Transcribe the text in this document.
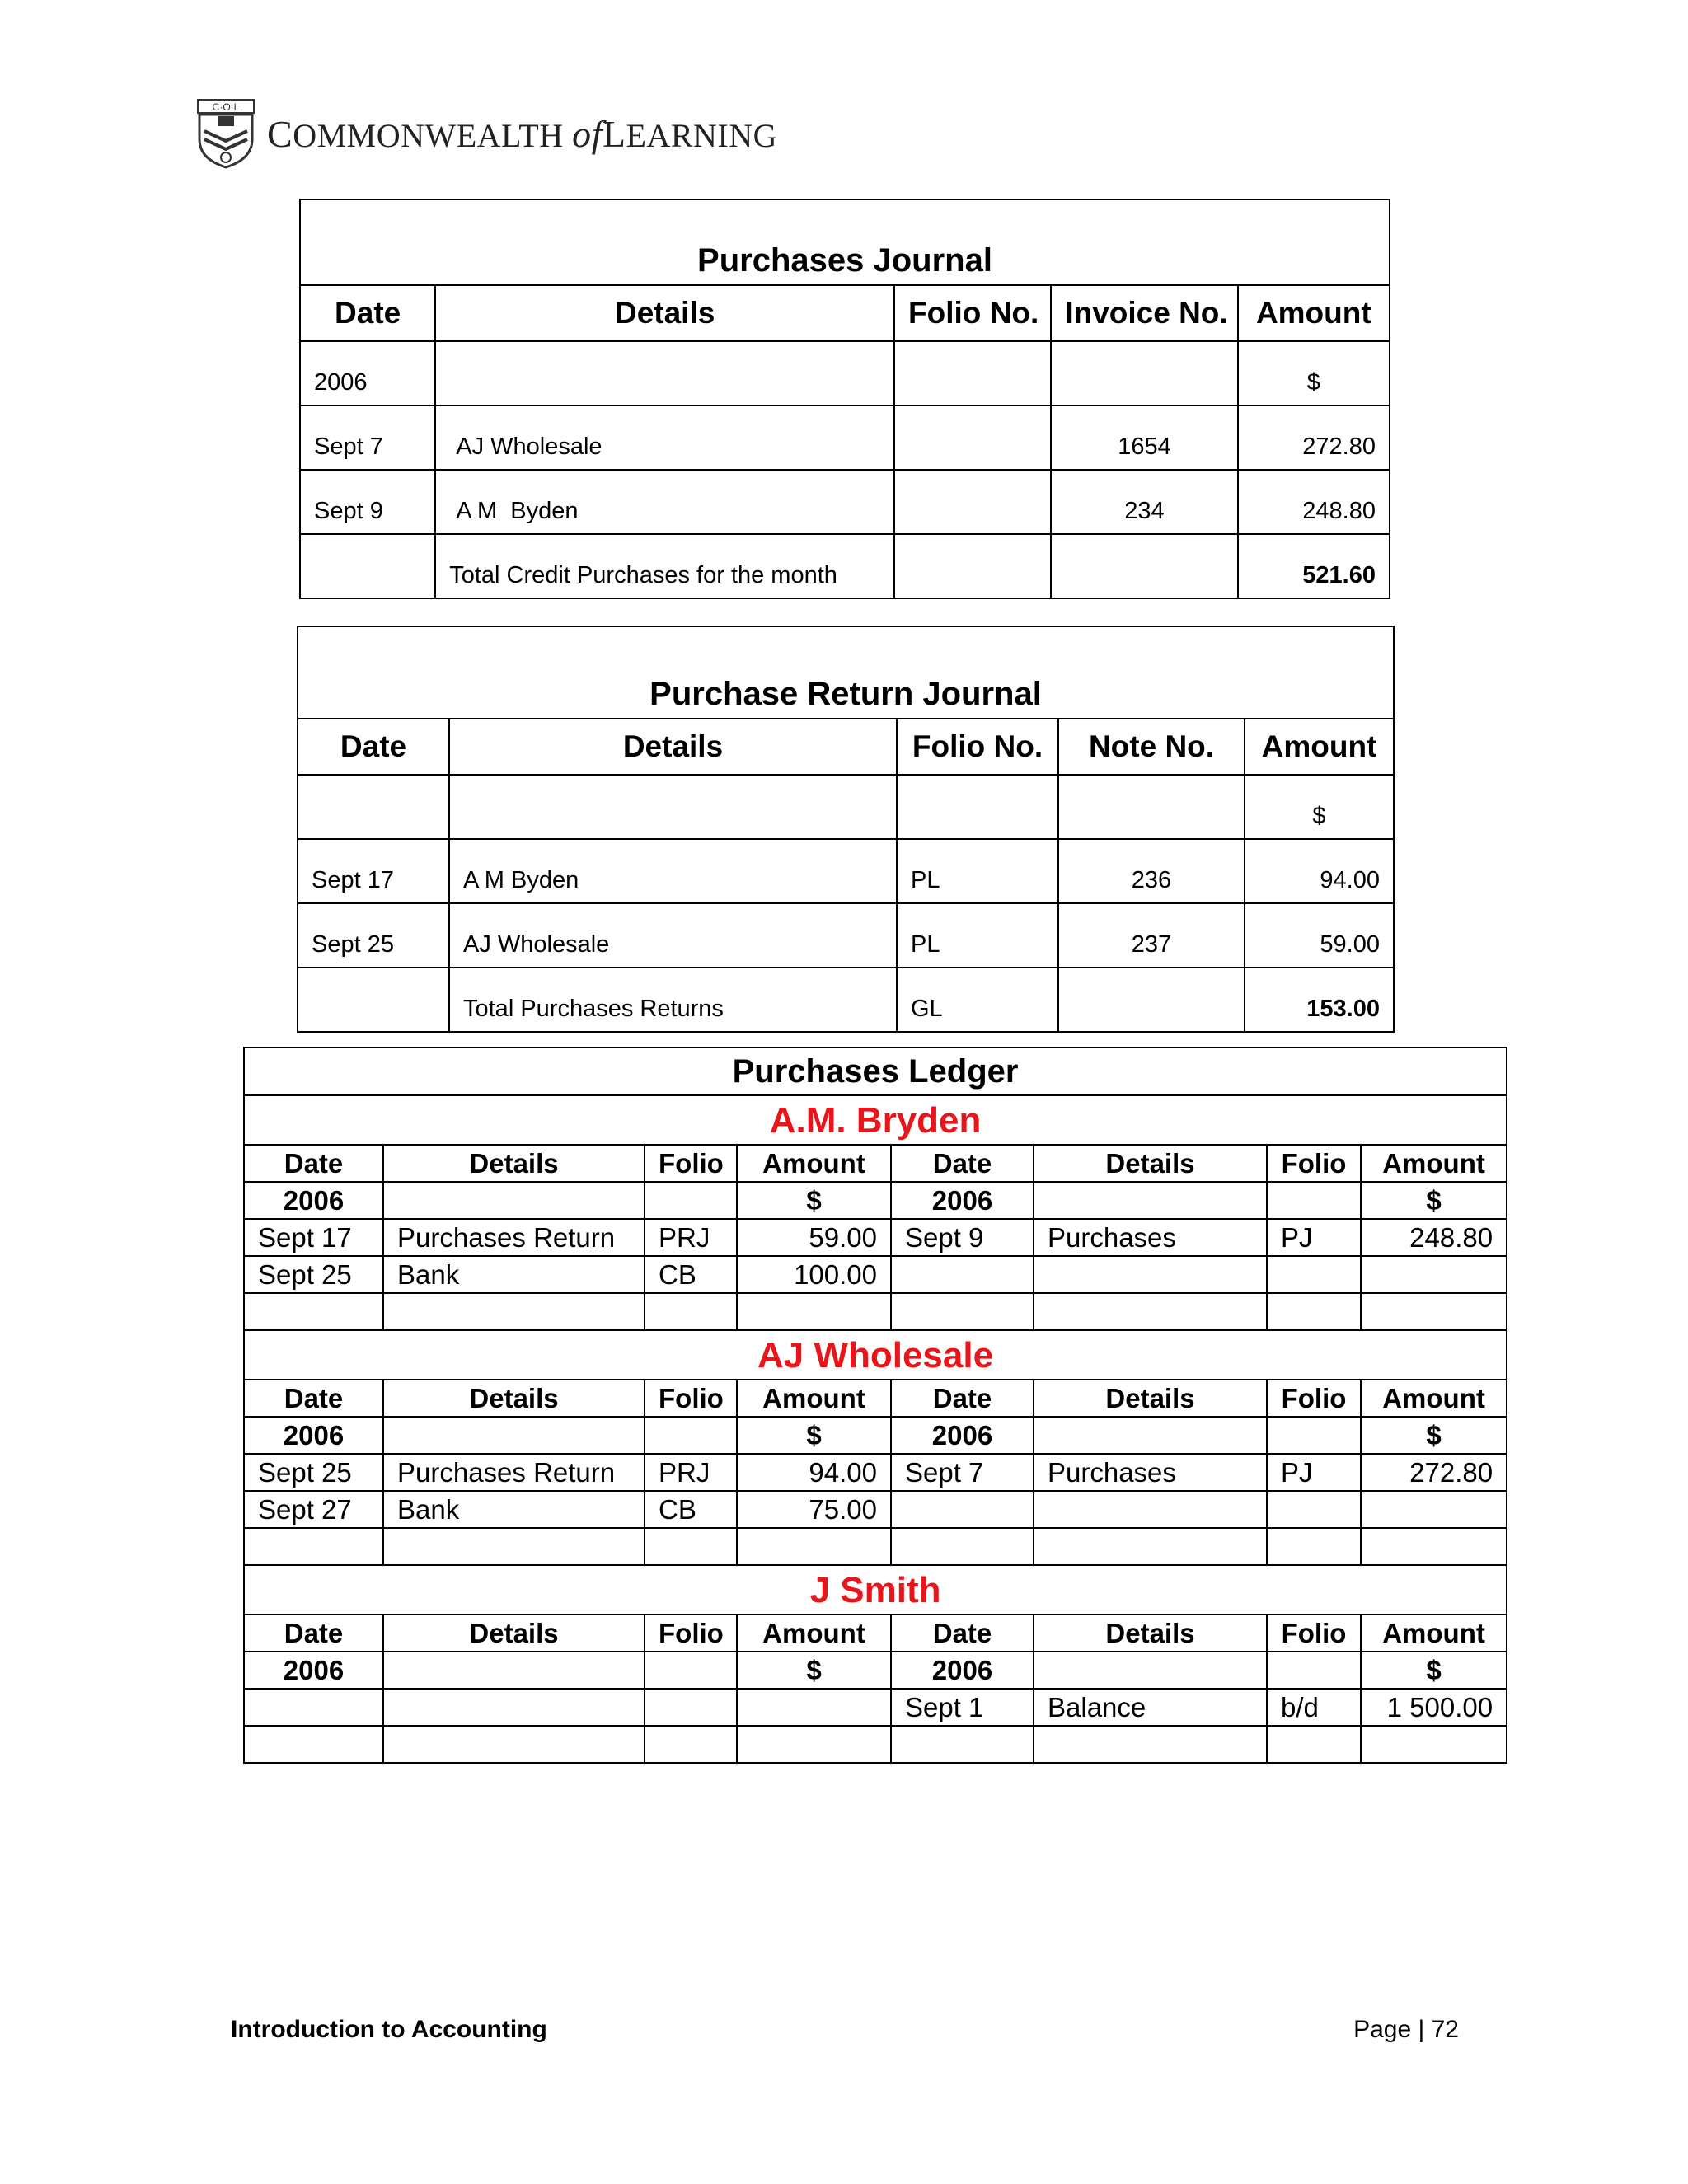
C·O·L
COMMONWEALTH ofLEARNING
Purchases Journal				
Date	Details	Folio No.	Invoice No.	Amount
2006				$
Sept 7	AJ Wholesale		1654	272.80
Sept 9	A M  Byden		234	248.80
	Total Credit Purchases for the month			521.60
Purchase Return Journal				
Date	Details	Folio No.	Note No.	Amount
				$
Sept 17	A M Byden	PL	236	94.00
Sept 25	AJ Wholesale	PL	237	59.00
	Total Purchases Returns	GL		153.00
Purchases Ledger							
A.M. Bryden							
Date	Details	Folio	Amount	Date	Details	Folio	Amount
2006			$	2006			$
Sept 17	Purchases Return	PRJ	59.00	Sept 9	Purchases	PJ	248.80
Sept 25	Bank	CB	100.00				

AJ Wholesale							
Date	Details	Folio	Amount	Date	Details	Folio	Amount
2006			$	2006			$
Sept 25	Purchases Return	PRJ	94.00	Sept 7	Purchases	PJ	272.80
Sept 27	Bank	CB	75.00				

J Smith							
Date	Details	Folio	Amount	Date	Details	Folio	Amount
2006			$	2006			$
				Sept 1	Balance	b/d	1 500.00

Introduction to Accounting	Page | 72
